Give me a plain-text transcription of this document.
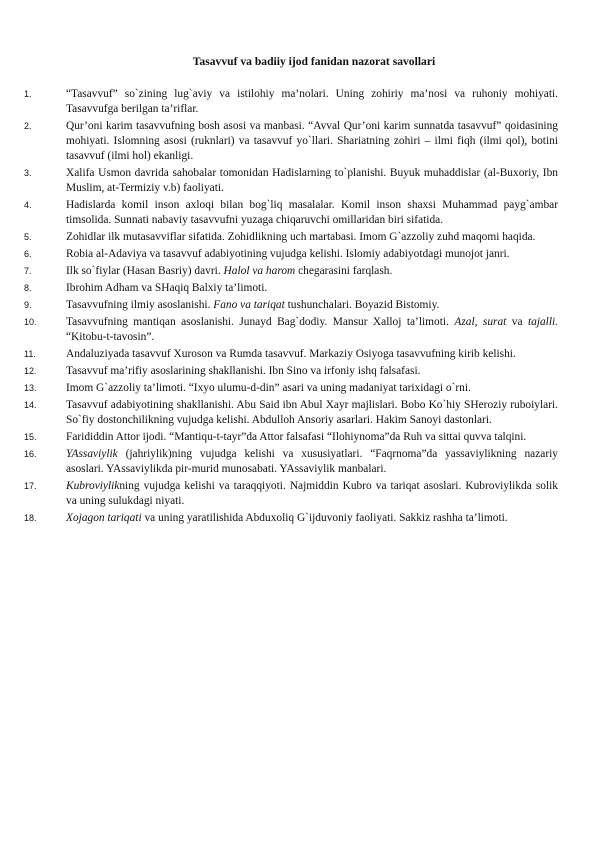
Tasavvuf va badiiy ijod fanidan nazorat savollari
1.	“Tasavvuf” so`zining lug`aviy va istilohiy ma’nolari. Uning zohiriy ma’nosi va ruhoniy mohiyati. Tasavvufga berilgan ta’riflar.
2.	Qur’oni karim tasavvufning bosh asosi va manbasi. “Avval Qur’oni karim sunnatda tasavvuf” qoidasining mohiyati. Islomning asosi (ruknlari) va tasavvuf yo`llari. Shariatning zohiri – ilmi fiqh (ilmi qol), botini tasavvuf (ilmi hol) ekanligi.
3.	Xalifa Usmon davrida sahobalar tomonidan Hadislarning to`planishi. Buyuk muhaddislar (al-Buxoriy, Ibn Muslim, at-Termiziy v.b) faoliyati.
4.	Hadislarda komil inson axloqi bilan bog`liq masalalar. Komil inson shaxsi Muhammad payg`ambar timsolida. Sunnati nabaviy tasavvufni yuzaga chiqaruvchi omillaridan biri sifatida.
5.	Zohidlar ilk mutasavviflar sifatida. Zohidlikning uch martabasi. Imom G`azzoliy zuhd maqomi haqida.
6.	Robia al-Adaviya va tasavvuf adabiyotining vujudga kelishi. Islomiy adabiyotdagi munojot janri.
7.	Ilk so`fiylar (Hasan Basriy) davri. Halol va harom chegarasini farqlash.
8.	Ibrohim Adham va SHaqiq Balxiy ta’limoti.
9.	Tasavvufning ilmiy asoslanishi. Fano va tariqat tushunchalari. Boyazid Bistomiy.
10.	Tasavvufning mantiqan asoslanishi. Junayd Bag`dodiy. Mansur Xalloj ta’limoti. Azal, surat va tajalli. “Kitobu-t-tavosin”.
11.	Andaluziyada tasavvuf Xuroson va Rumda tasavvuf. Markaziy Osiyoga tasavvufning kirib kelishi.
12.	Tasavvuf ma’rifiy asoslarining shakllanishi. Ibn Sino va irfoniy ishq falsafasi.
13.	Imom G`azzoliy ta’limoti. “Ixyo ulumu-d-din” asari va uning madaniyat tarixidagi o`rni.
14.	Tasavvuf adabiyotining shakllanishi. Abu Said ibn Abul Xayr majlislari. Bobo Ko`hiy SHeroziy ruboiylari. So`fiy dostonchilikning vujudga kelishi. Abdulloh Ansoriy asarlari. Hakim Sanoyi dastonlari.
15.	Farididdin Attor ijodi. “Mantiqu-t-tayr”da Attor falsafasi “Ilohiynoma”da Ruh va sittai quvva talqini.
16.	YAssaviylik (jahriylik)ning vujudga kelishi va xususiyatlari. “Faqrnoma”da yassaviylikning nazariy asoslari. YAssaviylikda pir-murid munosabati. YAssaviylik manbalari.
17.	Kubroviylikning vujudga kelishi va taraqqiyoti. Najmiddin Kubro va tariqat asoslari. Kubroviylikda solik va uning sulukdagi niyati.
18.	Xojagon tariqati va uning yaratilishida Abduxoliq G`ijduvoniy faoliyati. Sakkiz rashha ta’limoti.
